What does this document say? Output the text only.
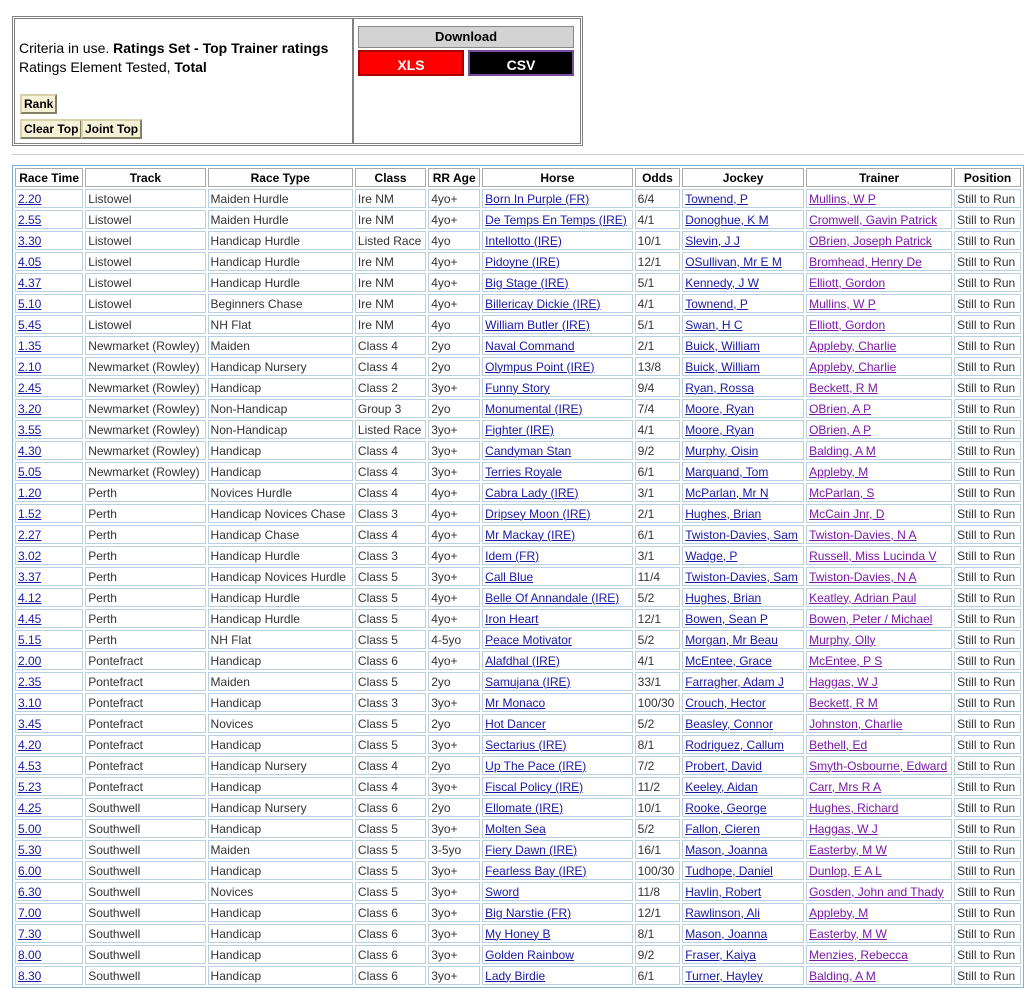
Criteria in use. Ratings Set - Top Trainer ratings
Ratings Element Tested, Total
Rank
Clear Top Joint Top
Download
XLS	CSV
Race Time	Track	Race Type	Class	RR Age	Horse	Odds	Jockey	Trainer	Position
2.20	Listowel	Maiden Hurdle	Ire NM	4yo+	Born In Purple (FR)	6/4	Townend, P	Mullins, W P	Still to Run
2.55	Listowel	Maiden Hurdle	Ire NM	4yo+	De Temps En Temps (IRE)	4/1	Donoghue, K M	Cromwell, Gavin Patrick	Still to Run
3.30	Listowel	Handicap Hurdle	Listed Race	4yo	Intellotto (IRE)	10/1	Slevin, J J	OBrien, Joseph Patrick	Still to Run
4.05	Listowel	Handicap Hurdle	Ire NM	4yo+	Pidoyne (IRE)	12/1	OSullivan, Mr E M	Bromhead, Henry De	Still to Run
4.37	Listowel	Handicap Hurdle	Ire NM	4yo+	Big Stage (IRE)	5/1	Kennedy, J W	Elliott, Gordon	Still to Run
5.10	Listowel	Beginners Chase	Ire NM	4yo+	Billericay Dickie (IRE)	4/1	Townend, P	Mullins, W P	Still to Run
5.45	Listowel	NH Flat	Ire NM	4yo	William Butler (IRE)	5/1	Swan, H C	Elliott, Gordon	Still to Run
1.35	Newmarket (Rowley)	Maiden	Class 4	2yo	Naval Command	2/1	Buick, William	Appleby, Charlie	Still to Run
2.10	Newmarket (Rowley)	Handicap Nursery	Class 4	2yo	Olympus Point (IRE)	13/8	Buick, William	Appleby, Charlie	Still to Run
2.45	Newmarket (Rowley)	Handicap	Class 2	3yo+	Funny Story	9/4	Ryan, Rossa	Beckett, R M	Still to Run
3.20	Newmarket (Rowley)	Non-Handicap	Group 3	2yo	Monumental (IRE)	7/4	Moore, Ryan	OBrien, A P	Still to Run
3.55	Newmarket (Rowley)	Non-Handicap	Listed Race	3yo+	Fighter (IRE)	4/1	Moore, Ryan	OBrien, A P	Still to Run
4.30	Newmarket (Rowley)	Handicap	Class 4	3yo+	Candyman Stan	9/2	Murphy, Oisin	Balding, A M	Still to Run
5.05	Newmarket (Rowley)	Handicap	Class 4	3yo+	Terries Royale	6/1	Marquand, Tom	Appleby, M	Still to Run
1.20	Perth	Novices Hurdle	Class 4	4yo+	Cabra Lady (IRE)	3/1	McParlan, Mr N	McParlan, S	Still to Run
1.52	Perth	Handicap Novices Chase	Class 3	4yo+	Dripsey Moon (IRE)	2/1	Hughes, Brian	McCain Jnr, D	Still to Run
2.27	Perth	Handicap Chase	Class 4	4yo+	Mr Mackay (IRE)	6/1	Twiston-Davies, Sam	Twiston-Davies, N A	Still to Run
3.02	Perth	Handicap Hurdle	Class 3	4yo+	Idem (FR)	3/1	Wadge, P	Russell, Miss Lucinda V	Still to Run
3.37	Perth	Handicap Novices Hurdle	Class 5	3yo+	Call Blue	11/4	Twiston-Davies, Sam	Twiston-Davies, N A	Still to Run
4.12	Perth	Handicap Hurdle	Class 5	4yo+	Belle Of Annandale (IRE)	5/2	Hughes, Brian	Keatley, Adrian Paul	Still to Run
4.45	Perth	Handicap Hurdle	Class 5	4yo+	Iron Heart	12/1	Bowen, Sean P	Bowen, Peter / Michael	Still to Run
5.15	Perth	NH Flat	Class 5	4-5yo	Peace Motivator	5/2	Morgan, Mr Beau	Murphy, Olly	Still to Run
2.00	Pontefract	Handicap	Class 6	4yo+	Alafdhal (IRE)	4/1	McEntee, Grace	McEntee, P S	Still to Run
2.35	Pontefract	Maiden	Class 5	2yo	Samujana (IRE)	33/1	Farragher, Adam J	Haggas, W J	Still to Run
3.10	Pontefract	Handicap	Class 3	3yo+	Mr Monaco	100/30	Crouch, Hector	Beckett, R M	Still to Run
3.45	Pontefract	Novices	Class 5	2yo	Hot Dancer	5/2	Beasley, Connor	Johnston, Charlie	Still to Run
4.20	Pontefract	Handicap	Class 5	3yo+	Sectarius (IRE)	8/1	Rodriguez, Callum	Bethell, Ed	Still to Run
4.53	Pontefract	Handicap Nursery	Class 4	2yo	Up The Pace (IRE)	7/2	Probert, David	Smyth-Osbourne, Edward	Still to Run
5.23	Pontefract	Handicap	Class 4	3yo+	Fiscal Policy (IRE)	11/2	Keeley, Aidan	Carr, Mrs R A	Still to Run
4.25	Southwell	Handicap Nursery	Class 6	2yo	Ellomate (IRE)	10/1	Rooke, George	Hughes, Richard	Still to Run
5.00	Southwell	Handicap	Class 5	3yo+	Molten Sea	5/2	Fallon, Cieren	Haggas, W J	Still to Run
5.30	Southwell	Maiden	Class 5	3-5yo	Fiery Dawn (IRE)	16/1	Mason, Joanna	Easterby, M W	Still to Run
6.00	Southwell	Handicap	Class 5	3yo+	Fearless Bay (IRE)	100/30	Tudhope, Daniel	Dunlop, E A L	Still to Run
6.30	Southwell	Novices	Class 5	3yo+	Sword	11/8	Havlin, Robert	Gosden, John and Thady	Still to Run
7.00	Southwell	Handicap	Class 6	3yo+	Big Narstie (FR)	12/1	Rawlinson, Ali	Appleby, M	Still to Run
7.30	Southwell	Handicap	Class 6	3yo+	My Honey B	8/1	Mason, Joanna	Easterby, M W	Still to Run
8.00	Southwell	Handicap	Class 6	3yo+	Golden Rainbow	9/2	Fraser, Kaiya	Menzies, Rebecca	Still to Run
8.30	Southwell	Handicap	Class 6	3yo+	Lady Birdie	6/1	Turner, Hayley	Balding, A M	Still to Run
